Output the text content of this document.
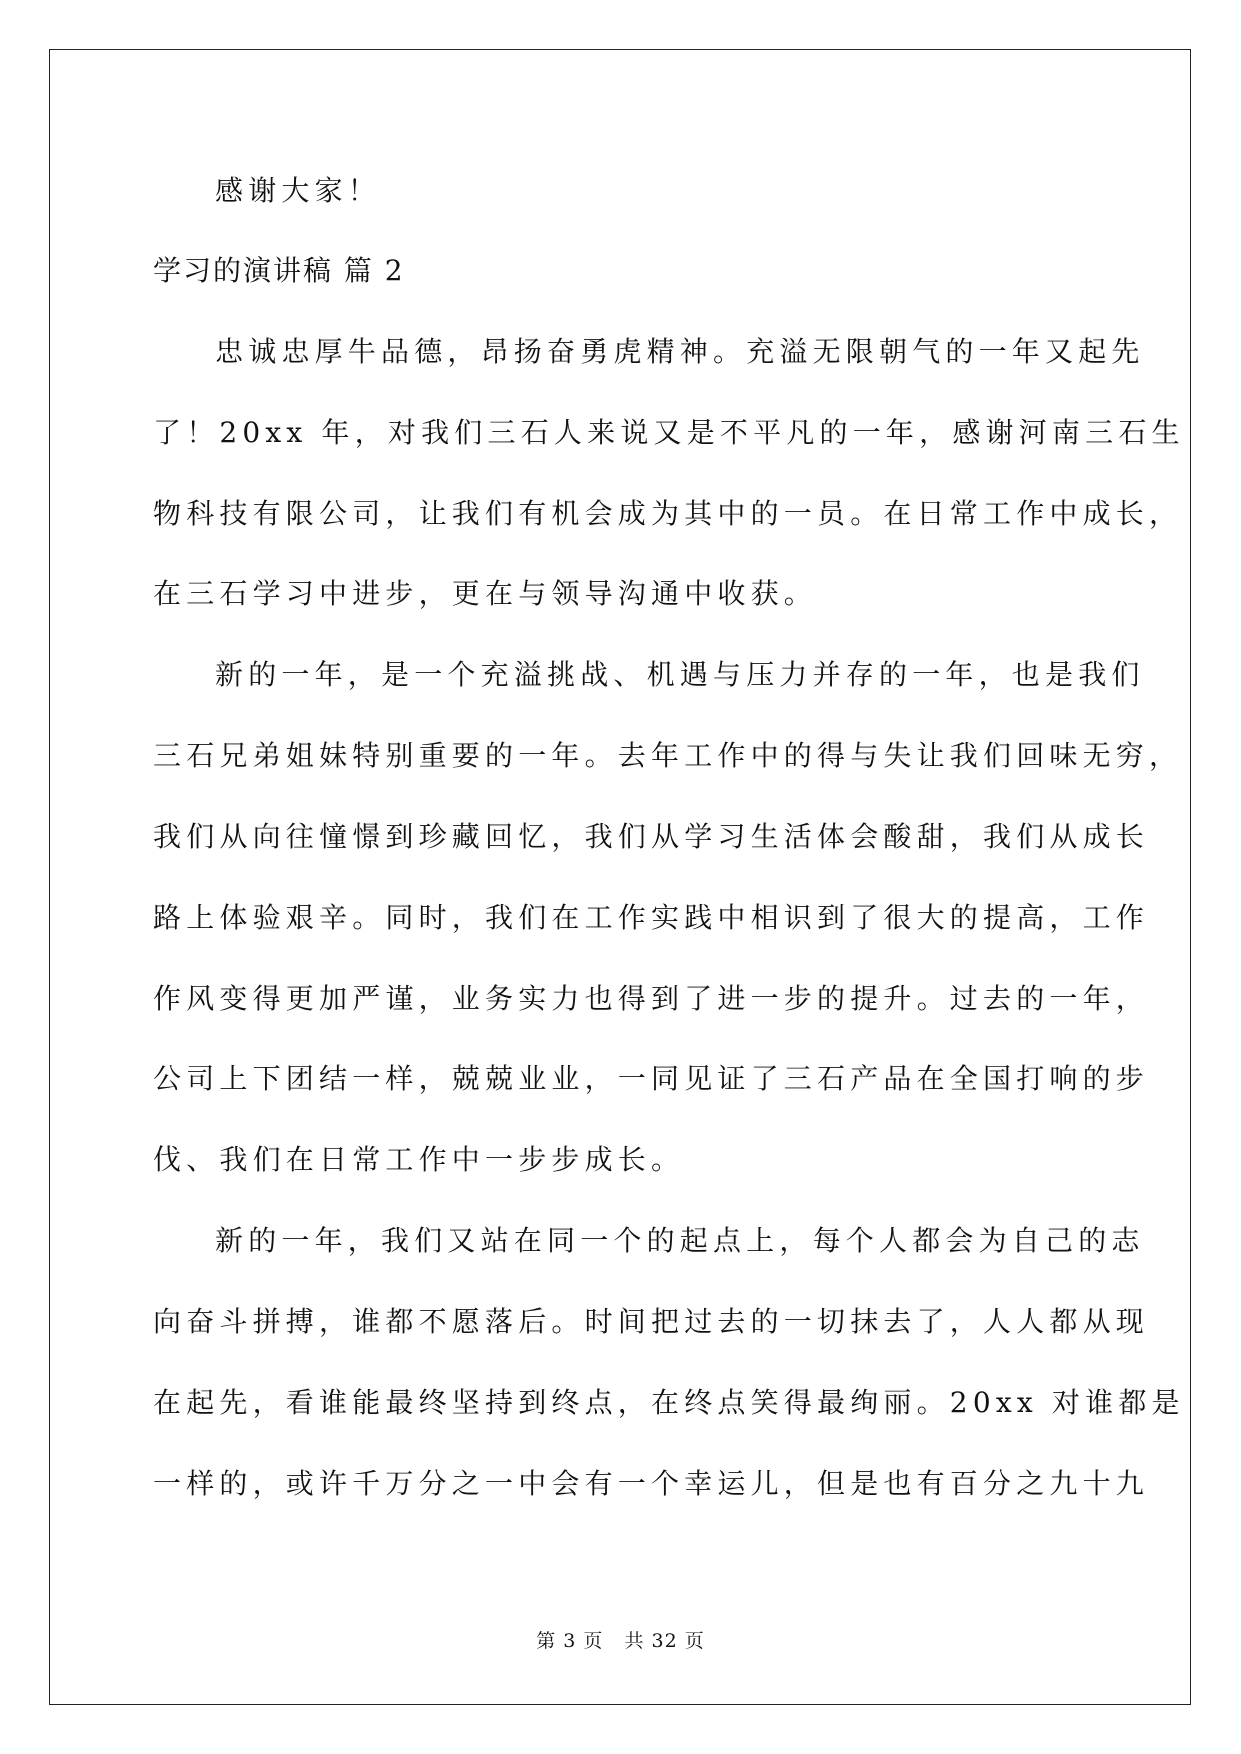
感谢大家！
学习的演讲稿 篇 2
忠诚忠厚牛品德，昂扬奋勇虎精神。充溢无限朝气的一年又起先
了！20xx 年，对我们三石人来说又是不平凡的一年，感谢河南三石生
物科技有限公司，让我们有机会成为其中的一员。在日常工作中成长，
在三石学习中进步，更在与领导沟通中收获。
新的一年，是一个充溢挑战、机遇与压力并存的一年，也是我们
三石兄弟姐妹特别重要的一年。去年工作中的得与失让我们回味无穷，
我们从向往憧憬到珍藏回忆，我们从学习生活体会酸甜，我们从成长
路上体验艰辛。同时，我们在工作实践中相识到了很大的提高，工作
作风变得更加严谨，业务实力也得到了进一步的提升。过去的一年，
公司上下团结一样，兢兢业业，一同见证了三石产品在全国打响的步
伐、我们在日常工作中一步步成长。
新的一年，我们又站在同一个的起点上，每个人都会为自己的志
向奋斗拼搏，谁都不愿落后。时间把过去的一切抹去了，人人都从现
在起先，看谁能最终坚持到终点，在终点笑得最绚丽。20xx 对谁都是
一样的，或许千万分之一中会有一个幸运儿，但是也有百分之九十九
第 3 页 共 32 页
